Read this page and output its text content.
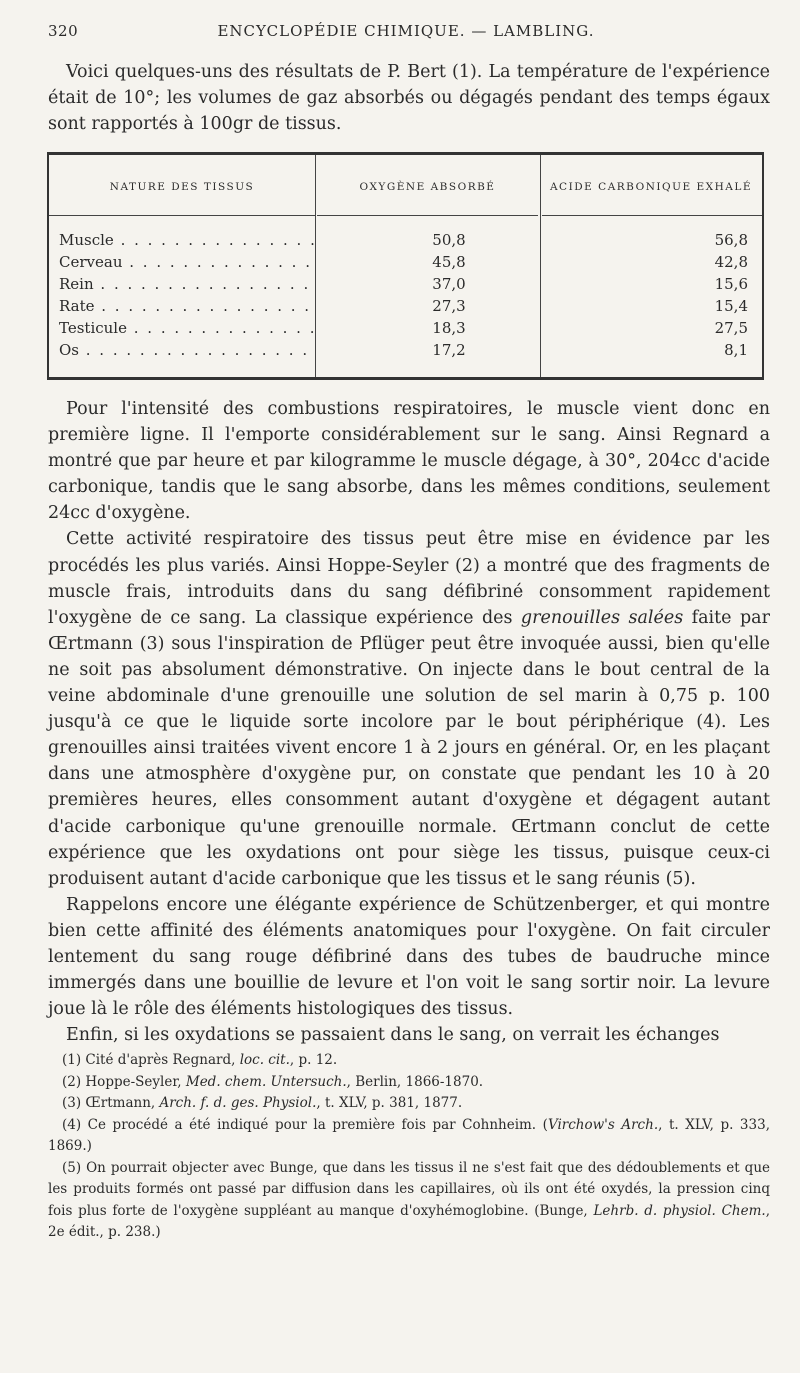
320	ENCYCLOPÉDIE CHIMIQUE. — LAMBLING.
Voici quelques-uns des résultats de P. Bert (1). La température de l'expérience était de 10°; les volumes de gaz absorbés ou dégagés pendant des temps égaux sont rapportés à 100gr de tissus.
NATURE DES TISSUS	OXYGÈNE ABSORBÉ	ACIDE CARBONIQUE EXHALÉ
Muscle . . .	50,8	56,8
Cerveau . . .	45,8	42,8
Rein . . .	37,0	15,6
Rate . . .	27,3	15,4
Testicule . . .	18,3	27,5
Os . . .	17,2	8,1

Pour l'intensité des combustions respiratoires, le muscle vient donc en première ligne. Il l'emporte considérablement sur le sang. Ainsi Regnard a montré que par heure et par kilogramme le muscle dégage, à 30°, 204cc d'acide carbonique, tandis que le sang absorbe, dans les mêmes conditions, seulement 24cc d'oxygène.

Cette activité respiratoire des tissus peut être mise en évidence par les procédés les plus variés. Ainsi Hoppe-Seyler (2) a montré que des fragments de muscle frais, introduits dans du sang défibriné consomment rapidement l'oxygène de ce sang. La classique expérience des grenouilles salées faite par Œrtmann (3) sous l'inspiration de Pflüger peut être invoquée aussi, bien qu'elle ne soit pas absolument démonstrative. On injecte dans le bout central de la veine abdominale d'une grenouille une solution de sel marin à 0,75 p. 100 jusqu'à ce que le liquide sorte incolore par le bout périphérique (4). Les grenouilles ainsi traitées vivent encore 1 à 2 jours en général. Or, en les plaçant dans une atmosphère d'oxygène pur, on constate que pendant les 10 à 20 premières heures, elles consomment autant d'oxygène et dégagent autant d'acide carbonique qu'une grenouille normale. Œrtmann conclut de cette expérience que les oxydations ont pour siège les tissus, puisque ceux-ci produisent autant d'acide carbonique que les tissus et le sang réunis (5).

Rappelons encore une élégante expérience de Schützenberger, et qui montre bien cette affinité des éléments anatomiques pour l'oxygène. On fait circuler lentement du sang rouge défibriné dans des tubes de baudruche mince immergés dans une bouillie de levure et l'on voit le sang sortir noir. La levure joue là le rôle des éléments histologiques des tissus.

Enfin, si les oxydations se passaient dans le sang, on verrait les échanges

(1) Cité d'après Regnard, loc. cit., p. 12.

(2) Hoppe-Seyler, Med. chem. Untersuch., Berlin, 1866-1870.

(3) Œrtmann, Arch. f. d. ges. Physiol., t. XLV, p. 381, 1877.

(4) Ce procédé a été indiqué pour la première fois par Cohnheim. (Virchow's Arch., t. XLV, p. 333, 1869.)

(5) On pourrait objecter avec Bunge, que dans les tissus il ne s'est fait que des dédoublements et que les produits formés ont passé par diffusion dans les capillaires, où ils ont été oxydés, la pression cinq fois plus forte de l'oxygène suppléant au manque d'oxyhémoglobine. (Bunge, Lehrb. d. physiol. Chem., 2e édit., p. 238.)
